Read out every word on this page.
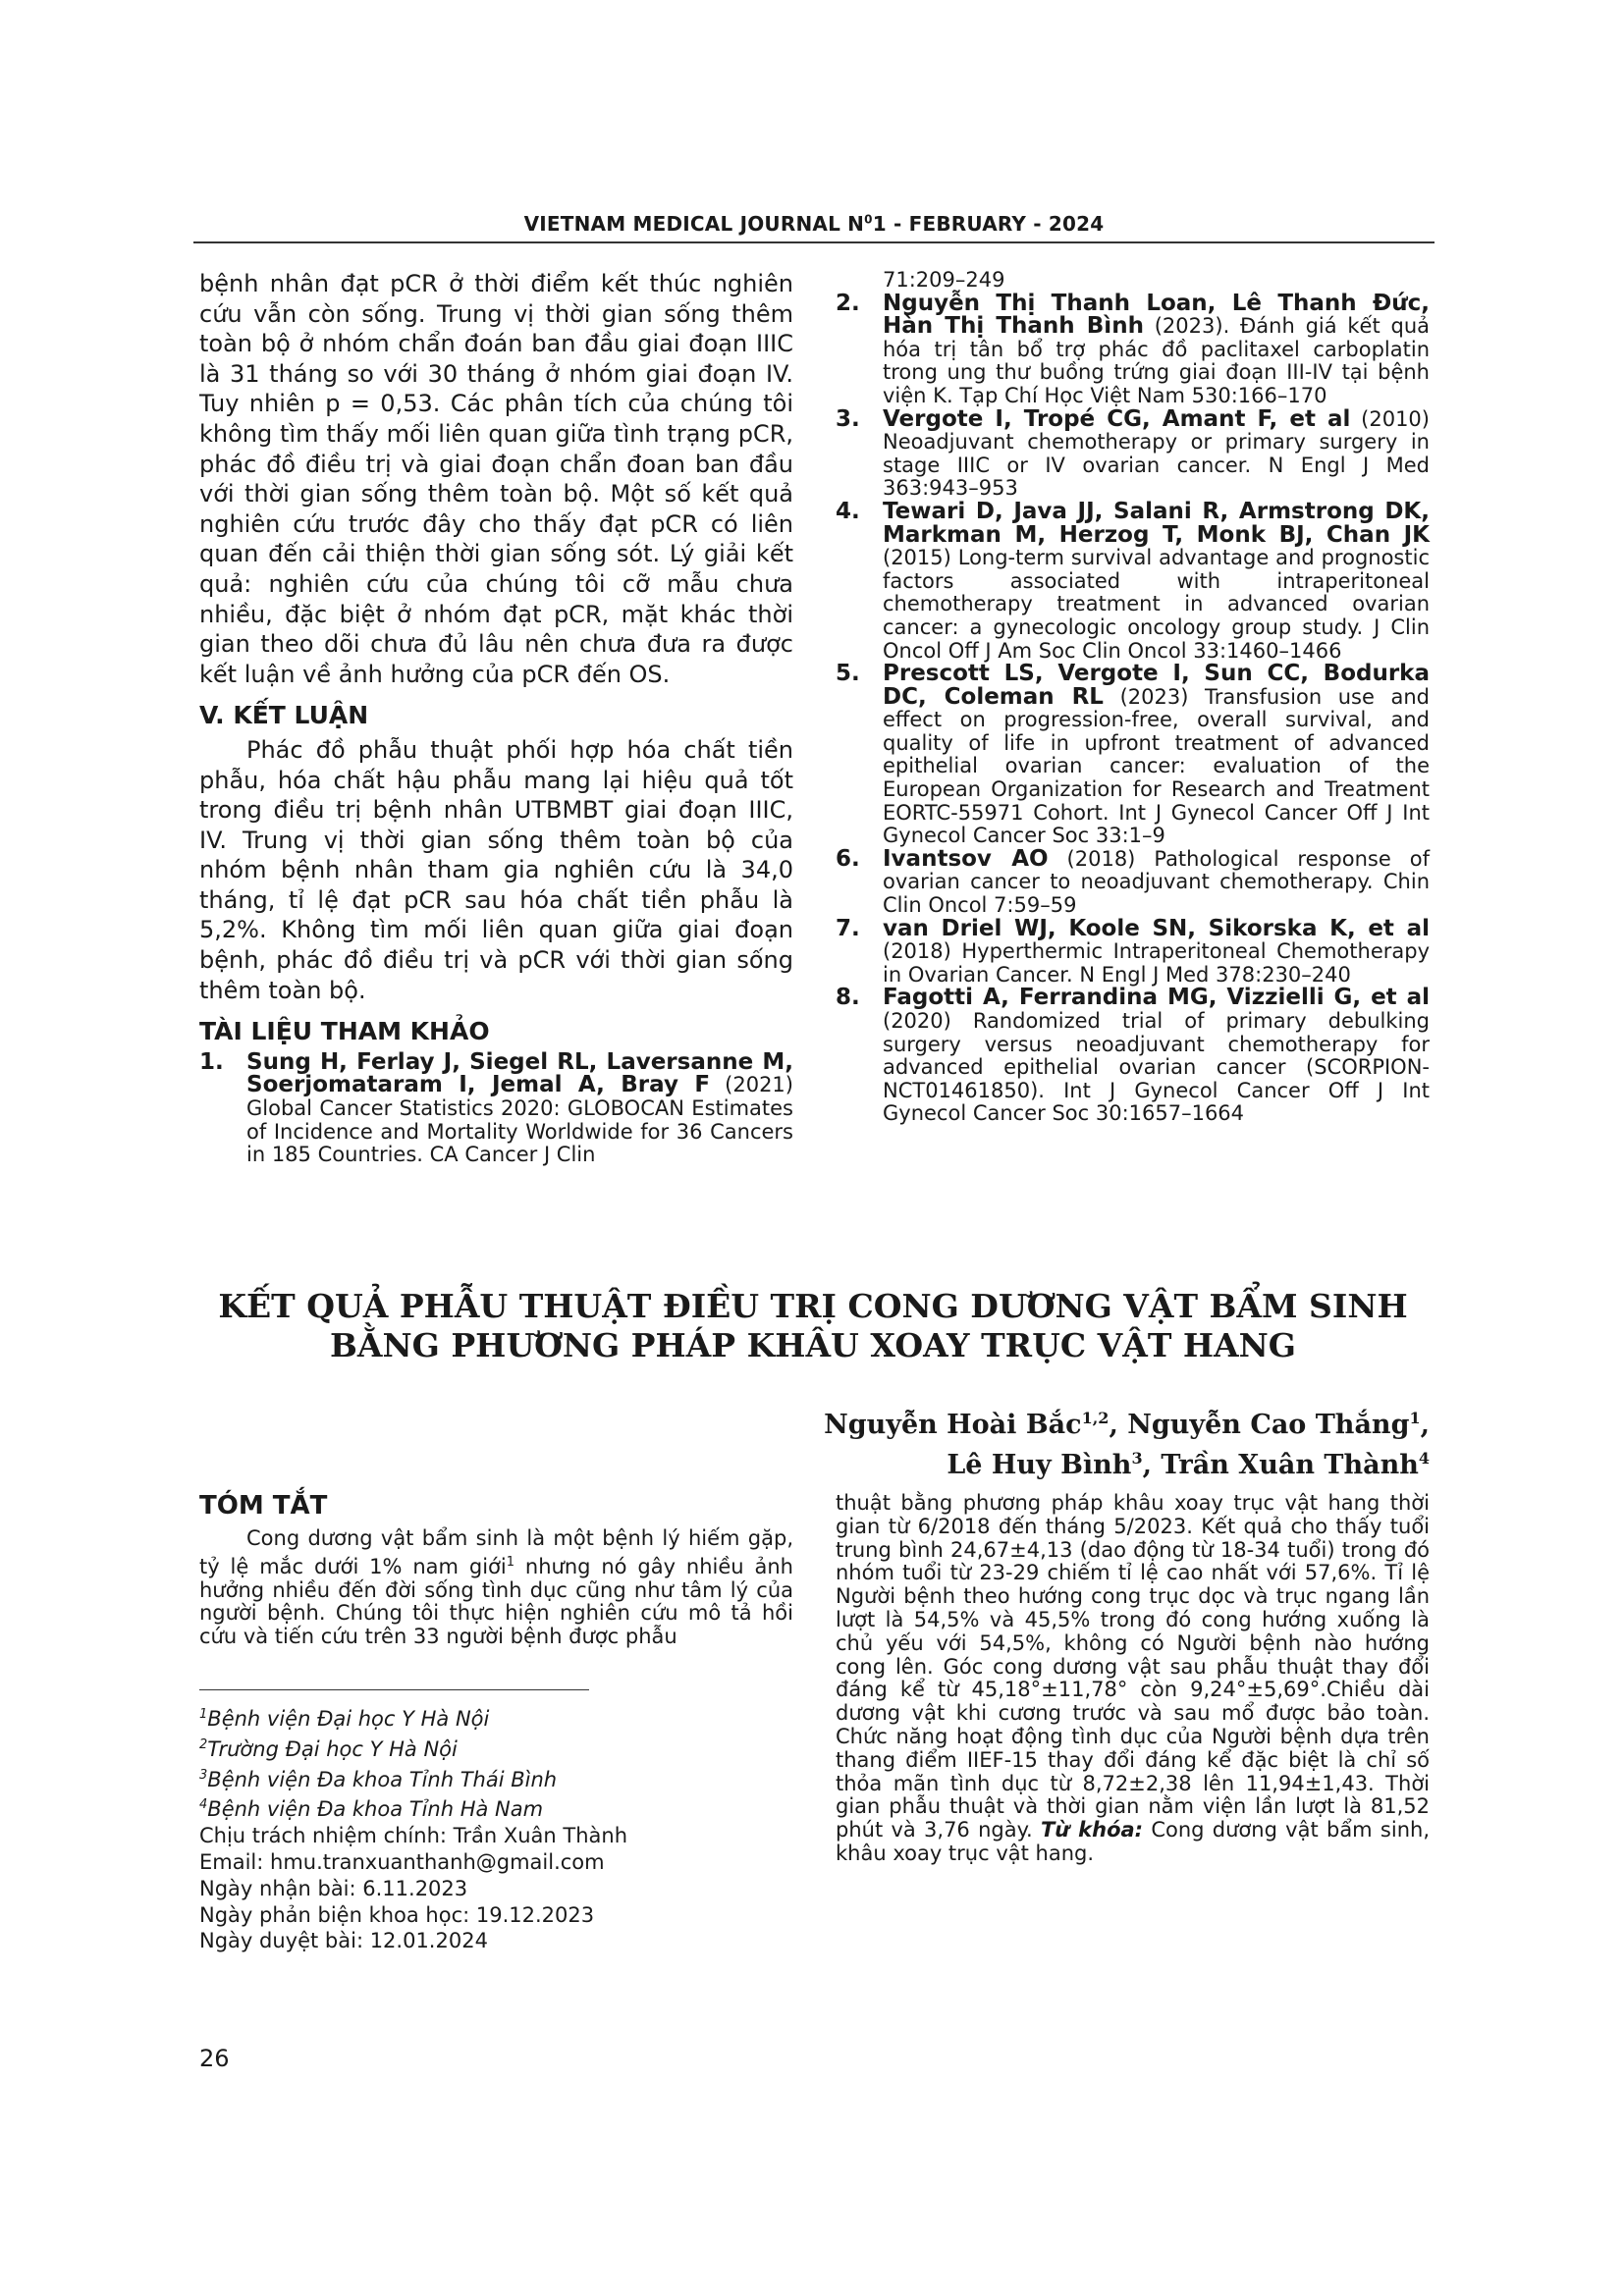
VIETNAM MEDICAL JOURNAL $N^01$ - FEBRUARY - 2024

bệnh nhân đạt pCR ở thời điểm kết thúc nghiên cứu vẫn còn sống. Trung vị thời gian sống thêm toàn bộ ở nhóm chẩn đoán ban đầu giai đoạn IIIC là 31 tháng so với 30 tháng ở nhóm giai đoạn IV. Tuy nhiên p = 0,53. Các phân tích của chúng tôi không tìm thấy mối liên quan giữa tình trạng pCR, phác đồ điều trị và giai đoạn chẩn đoan ban đầu với thời gian sống thêm toàn bộ. Một số kết quả nghiên cứu trước đây cho thấy đạt pCR có liên quan đến cải thiện thời gian sống sót. Lý giải kết quả: nghiên cứu của chúng tôi cỡ mẫu chưa nhiều, đặc biệt ở nhóm đạt pCR, mặt khác thời gian theo dõi chưa đủ lâu nên chưa đưa ra được kết luận về ảnh hưởng của pCR đến OS.

V. KẾT LUẬN

Phác đồ phẫu thuật phối hợp hóa chất tiền phẫu, hóa chất hậu phẫu mang lại hiệu quả tốt trong điều trị bệnh nhân UTBMBT giai đoạn IIIC, IV. Trung vị thời gian sống thêm toàn bộ của nhóm bệnh nhân tham gia nghiên cứu là 34,0 tháng, tỉ lệ đạt pCR sau hóa chất tiền phẫu là 5,2%. Không tìm mối liên quan giữa giai đoạn bệnh, phác đồ điều trị và pCR với thời gian sống thêm toàn bộ.

TÀI LIỆU THAM KHẢO
1. Sung H, Ferlay J, Siegel RL, Laversanne M, Soerjomataram I, Jemal A, Bray F (2021) Global Cancer Statistics 2020: GLOBOCAN Estimates of Incidence and Mortality Worldwide for 36 Cancers in 185 Countries. CA Cancer J Clin
71:209–249
2. Nguyễn Thị Thanh Loan, Lê Thanh Đức, Hàn Thị Thanh Bình (2023). Đánh giá kết quả hóa trị tân bổ trợ phác đồ paclitaxel carboplatin trong ung thư buồng trứng giai đoạn III-IV tại bệnh viện K. Tạp Chí Học Việt Nam 530:166–170
3. Vergote I, Tropé CG, Amant F, et al (2010) Neoadjuvant chemotherapy or primary surgery in stage IIIC or IV ovarian cancer. N Engl J Med 363:943–953
4. Tewari D, Java JJ, Salani R, Armstrong DK, Markman M, Herzog T, Monk BJ, Chan JK (2015) Long-term survival advantage and prognostic factors associated with intraperitoneal chemotherapy treatment in advanced ovarian cancer: a gynecologic oncology group study. J Clin Oncol Off J Am Soc Clin Oncol 33:1460–1466
5. Prescott LS, Vergote I, Sun CC, Bodurka DC, Coleman RL (2023) Transfusion use and effect on progression-free, overall survival, and quality of life in upfront treatment of advanced epithelial ovarian cancer: evaluation of the European Organization for Research and Treatment EORTC-55971 Cohort. Int J Gynecol Cancer Off J Int Gynecol Cancer Soc 33:1–9
6. Ivantsov AO (2018) Pathological response of ovarian cancer to neoadjuvant chemotherapy. Chin Clin Oncol 7:59–59
7. van Driel WJ, Koole SN, Sikorska K, et al (2018) Hyperthermic Intraperitoneal Chemotherapy in Ovarian Cancer. N Engl J Med 378:230–240
8. Fagotti A, Ferrandina MG, Vizzielli G, et al (2020) Randomized trial of primary debulking surgery versus neoadjuvant chemotherapy for advanced epithelial ovarian cancer (SCORPION-NCT01461850). Int J Gynecol Cancer Off J Int Gynecol Cancer Soc 30:1657–1664
KẾT QUẢ PHẪU THUẬT ĐIỀU TRỊ CONG DƯƠNG VẬT BẨM SINH
BẰNG PHƯƠNG PHÁP KHÂU XOAY TRỤC VẬT HANG
Nguyễn Hoài Bắc$^{1,2}$, Nguyễn Cao Thắng$^1$,
Lê Huy Bình$^3$, Trần Xuân Thành$^4$
TÓM TẮT
Cong dương vật bẩm sinh là một bệnh lý hiếm gặp, tỷ lệ mắc dưới 1% nam giới$^1$ nhưng nó gây nhiều ảnh hưởng nhiều đến đời sống tình dục cũng như tâm lý của người bệnh. Chúng tôi thực hiện nghiên cứu mô tả hồi cứu và tiến cứu trên 33 người bệnh được phẫu
thuật bằng phương pháp khâu xoay trục vật hang thời gian từ 6/2018 đến tháng 5/2023. Kết quả cho thấy tuổi trung bình 24,67±4,13 (dao động từ 18-34 tuổi) trong đó nhóm tuổi từ 23-29 chiếm tỉ lệ cao nhất với 57,6%. Tỉ lệ Người bệnh theo hướng cong trục dọc và trục ngang lần lượt là 54,5% và 45,5% trong đó cong hướng xuống là chủ yếu với 54,5%, không có Người bệnh nào hướng cong lên. Góc cong dương vật sau phẫu thuật thay đổi đáng kể từ 45,18°±11,78° còn 9,24°±5,69°.Chiều dài dương vật khi cương trước và sau mổ được bảo toàn. Chức năng hoạt động tình dục của Người bệnh dựa trên thang điểm IIEF-15 thay đổi đáng kể đặc biệt là chỉ số thỏa mãn tình dục từ 8,72±2,38 lên 11,94±1,43. Thời gian phẫu thuật và thời gian nằm viện lần lượt là 81,52 phút và 3,76 ngày. Từ khóa: Cong dương vật bẩm sinh, khâu xoay trục vật hang.
$^1$Bệnh viện Đại học Y Hà Nội
$^2$Trường Đại học Y Hà Nội
$^3$Bệnh viện Đa khoa Tỉnh Thái Bình
$^4$Bệnh viện Đa khoa Tỉnh Hà Nam
Chịu trách nhiệm chính: Trần Xuân Thành
Email: hmu.tranxuanthanh@gmail.com
Ngày nhận bài: 6.11.2023
Ngày phản biện khoa học: 19.12.2023
Ngày duyệt bài: 12.01.2024
26
